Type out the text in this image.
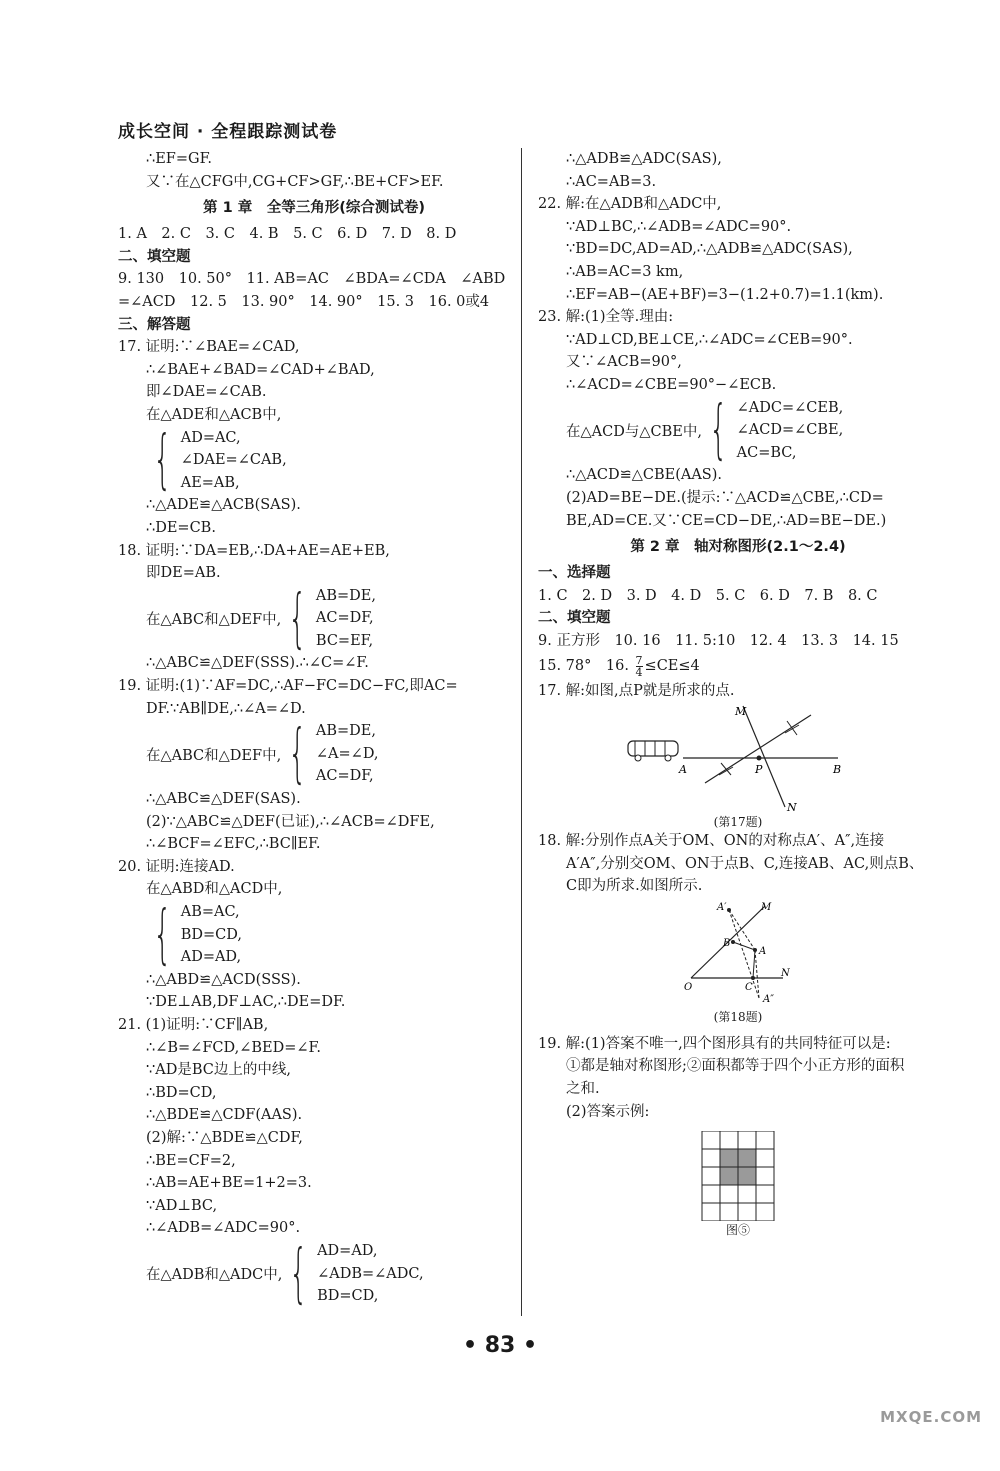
成长空间 · 全程跟踪测试卷
∴EF=GF.
又∵在△CFG中,CG+CF>GF,∴BE+CF>EF.
第 1 章　全等三角形(综合测试卷)
1. A　2. C　3. C　4. B　5. C　6. D　7. D　8. D
二、填空题
9. 130　10. 50°　11. AB=AC　∠BDA=∠CDA　∠ABD
=∠ACD　12. 5　13. 90°　14. 90°　15. 3　16. 0或4
三、解答题
17. 证明:∵∠BAE=∠CAD,
∴∠BAE+∠BAD=∠CAD+∠BAD,
即∠DAE=∠CAB.
在△ADE和△ACB中,
{ AD=AC,
∠DAE=∠CAB,
AE=AB,
∴△ADE≌△ACB(SAS).
∴DE=CB.
18. 证明:∵DA=EB,∴DA+AE=AE+EB,
即DE=AB.
在△ABC和△DEF中, { AB=DE,
AC=DF,
BC=EF,
∴△ABC≌△DEF(SSS).∴∠C=∠F.
19. 证明:(1)∵AF=DC,∴AF−FC=DC−FC,即AC=
DF.∵AB∥DE,∴∠A=∠D.
在△ABC和△DEF中, { AB=DE,
∠A=∠D,
AC=DF,
∴△ABC≌△DEF(SAS).
(2)∵△ABC≌△DEF(已证),∴∠ACB=∠DFE,
∴∠BCF=∠EFC,∴BC∥EF.
20. 证明:连接AD.
在△ABD和△ACD中,
{ AB=AC,
BD=CD,
AD=AD,
∴△ABD≌△ACD(SSS).
∵DE⊥AB,DF⊥AC,∴DE=DF.
21. (1)证明:∵CF∥AB,
∴∠B=∠FCD,∠BED=∠F.
∵AD是BC边上的中线,
∴BD=CD,
∴△BDE≌△CDF(AAS).
(2)解:∵△BDE≌△CDF,
∴BE=CF=2,
∴AB=AE+BE=1+2=3.
∵AD⊥BC,
∴∠ADB=∠ADC=90°.
在△ADB和△ADC中, { AD=AD,
∠ADB=∠ADC,
BD=CD,
∴△ADB≌△ADC(SAS),
∴AC=AB=3.
22. 解:在△ADB和△ADC中,
∵AD⊥BC,∴∠ADB=∠ADC=90°.
∵BD=DC,AD=AD,∴△ADB≌△ADC(SAS),
∴AB=AC=3 km,
∴EF=AB−(AE+BF)=3−(1.2+0.7)=1.1(km).
23. 解:(1)全等.理由:
∵AD⊥CD,BE⊥CE,∴∠ADC=∠CEB=90°.
又∵∠ACB=90°,
∴∠ACD=∠CBE=90°−∠ECB.
在△ACD与△CBE中, { ∠ADC=∠CEB,
∠ACD=∠CBE,
AC=BC,
∴△ACD≌△CBE(AAS).
(2)AD=BE−DE.(提示:∵△ACD≌△CBE,∴CD=
BE,AD=CE.又∵CE=CD−DE,∴AD=BE−DE.)
第 2 章　轴对称图形(2.1～2.4)
一、选择题
1. C　2. D　3. D　4. D　5. C　6. D　7. B　8. C
二、填空题
9. 正方形　10. 16　11. 5:10　12. 4　13. 3　14. 15
15. 78°　16. $\frac{7}{4} \le CE\le 4$
17. 解:如图,点P就是所求的点.
M
N
A	B
P
(第17题)
18. 解:分别作点A关于OM、ON的对称点A′、A″,连接
A′A″,分别交OM、ON于点B、C,连接AB、AC,则点B、
C即为所求.如图所示.
A′
A″
M
N
O
A
B
C
(第18题)
19. 解:(1)答案不唯一,四个图形具有的共同特征可以是:
①都是轴对称图形;②面积都等于四个小正方形的面积
之和.
(2)答案示例:
图⑤
• 83 •
MXQE.COM
